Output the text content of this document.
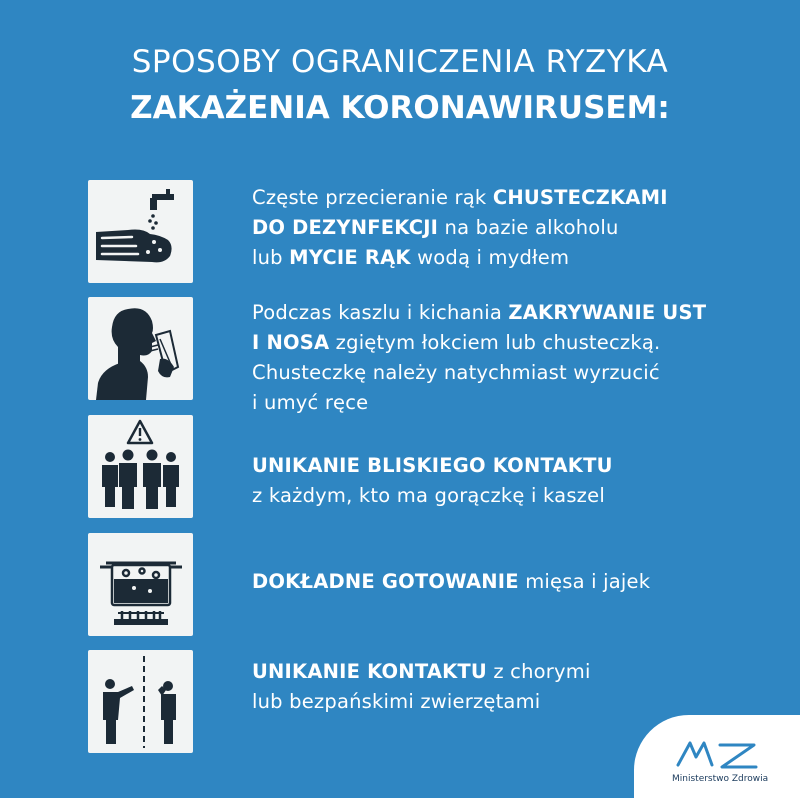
SPOSOBY OGRANICZENIA RYZYKA
ZAKAŻENIA KORONAWIRUSEM:
Częste przecieranie rąk CHUSTECZKAMI
DO DEZYNFEKCJI na bazie alkoholu
lub MYCIE RĄK wodą i mydłem
Podczas kaszlu i kichania ZAKRYWANIE UST
I NOSA zgiętym łokciem lub chusteczką.
Chusteczkę należy natychmiast wyrzucić
i umyć ręce
UNIKANIE BLISKIEGO KONTAKTU
z każdym, kto ma gorączkę i kaszel
DOKŁADNE GOTOWANIE mięsa i jajek
UNIKANIE KONTAKTU z chorymi
lub bezpańskimi zwierzętami
Ministerstwo Zdrowia
